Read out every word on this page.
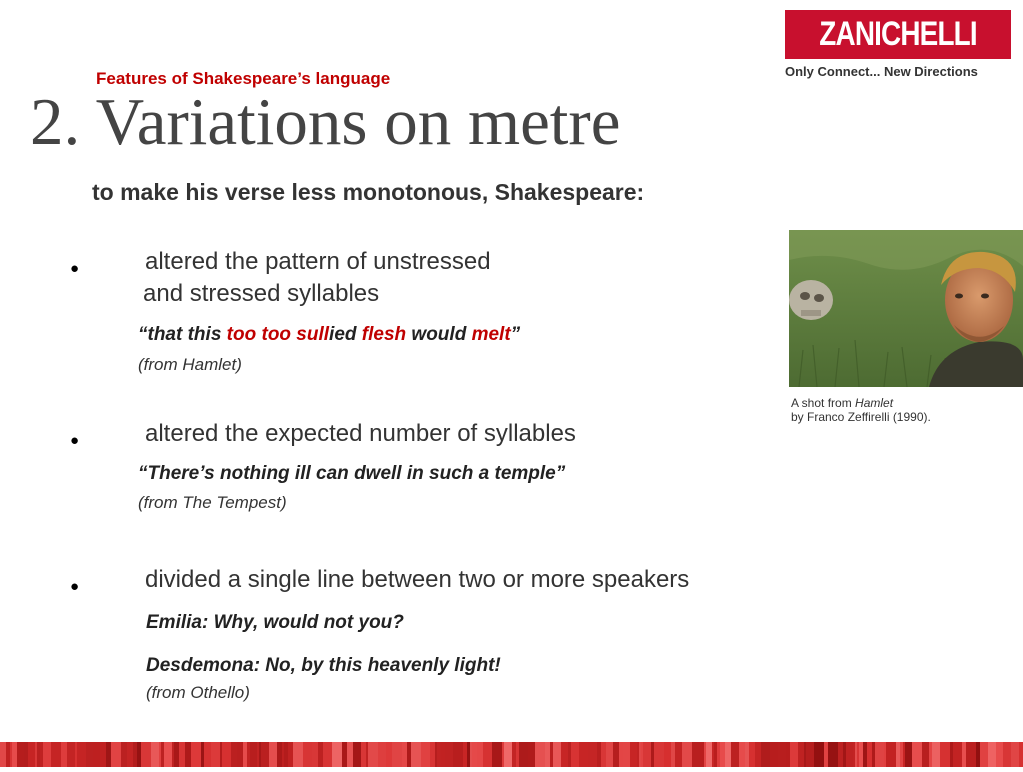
ZANICHELLI
Only Connect... New Directions
Features of Shakespeare’s language
2. Variations on metre
to make his verse less monotonous, Shakespeare:
●	altered the pattern of unstressed
and stressed syllables
“that this too too sullied flesh would melt”
(from Hamlet)
●	altered the expected number of syllables
“There’s nothing ill can dwell in such a temple”
(from The Tempest)
●	divided a single line between two or more speakers
Emilia: Why, would not you?
Desdemona: No, by this heavenly light!
(from Othello)
A shot from Hamlet
by Franco Zeffirelli (1990).
